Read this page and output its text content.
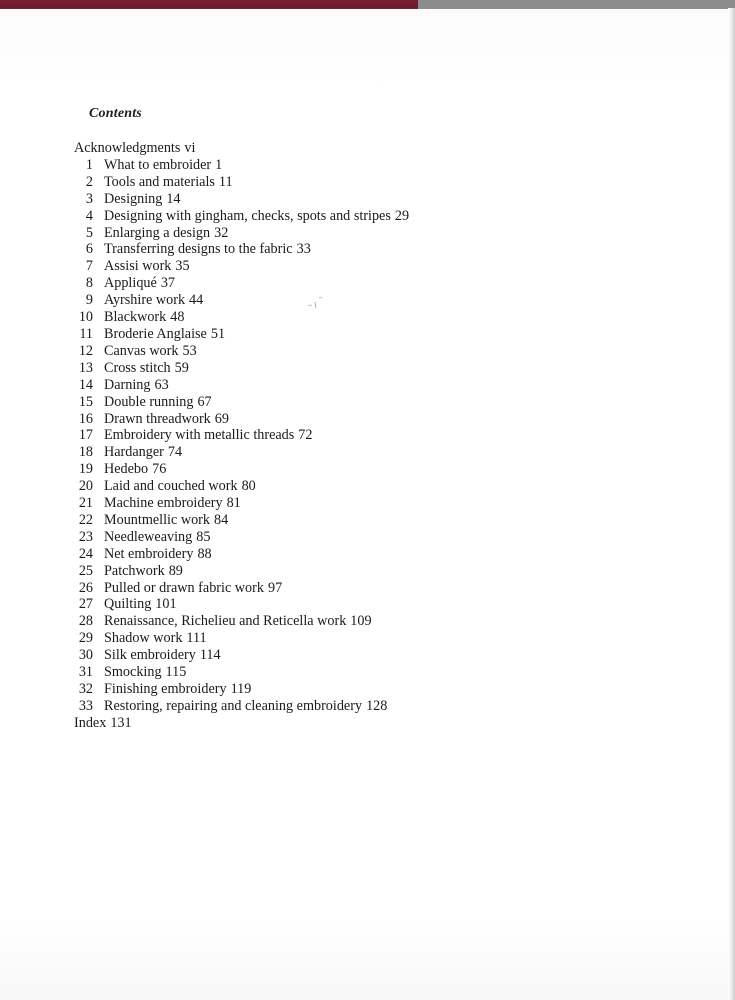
Contents
Acknowledgments vi
1 What to embroider 1
2 Tools and materials 11
3 Designing 14
4 Designing with gingham, checks, spots and stripes 29
5 Enlarging a design 32
6 Transferring designs to the fabric 33
7 Assisi work 35
8 Appliqué 37
9 Ayrshire work 44
10 Blackwork 48
11 Broderie Anglaise 51
12 Canvas work 53
13 Cross stitch 59
14 Darning 63
15 Double running 67
16 Drawn threadwork 69
17 Embroidery with metallic threads 72
18 Hardanger 74
19 Hedebo 76
20 Laid and couched work 80
21 Machine embroidery 81
22 Mountmellic work 84
23 Needleweaving 85
24 Net embroidery 88
25 Patchwork 89
26 Pulled or drawn fabric work 97
27 Quilting 101
28 Renaissance, Richelieu and Reticella work 109
29 Shadow work 111
30 Silk embroidery 114
31 Smocking 115
32 Finishing embroidery 119
33 Restoring, repairing and cleaning embroidery 128
Index 131
